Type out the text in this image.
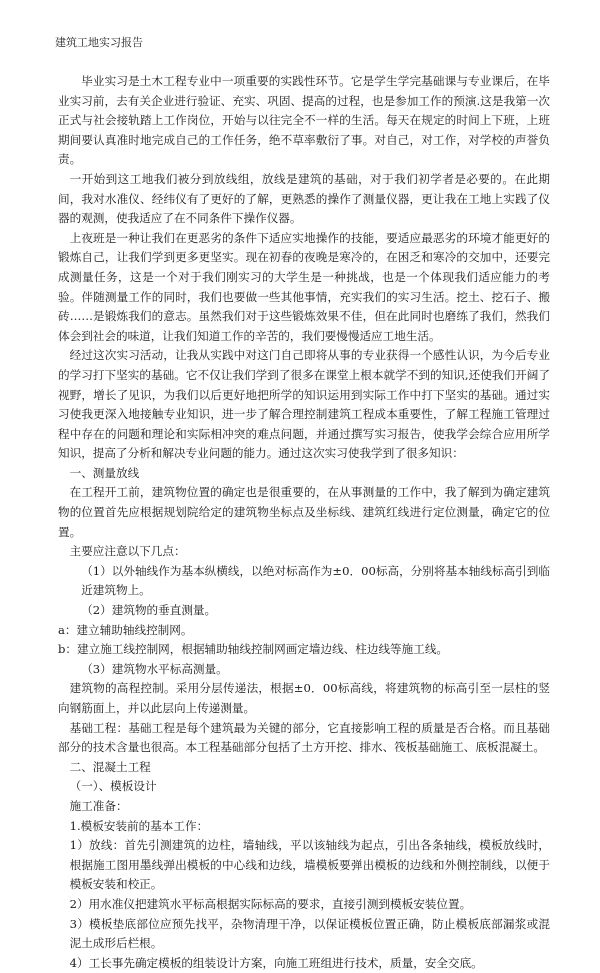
建筑工地实习报告

毕业实习是土木工程专业中一项重要的实践性环节。它是学生学完基础课与专业课后，在毕业实习前，去有关企业进行验证、充实、巩固、提高的过程，也是参加工作的预演.这是我第一次正式与社会接轨踏上工作岗位，开始与以往完全不一样的生活。每天在规定的时间上下班，上班期间要认真准时地完成自己的工作任务，绝不草率敷衍了事。对自己，对工作，对学校的声誉负责。

一开始到这工地我们被分到放线组，放线是建筑的基础，对于我们初学者是必要的。在此期间，我对水准仪、经纬仪有了更好的了解，更熟悉的操作了测量仪器，更让我在工地上实践了仪器的观测，使我适应了在不同条件下操作仪器。

上夜班是一种让我们在更恶劣的条件下适应实地操作的技能，要适应最恶劣的环境才能更好的锻炼自己，让我们学到更多更坚实。现在初春的夜晚是寒冷的，在困乏和寒冷的交加中，还要完成测量任务，这是一个对于我们刚实习的大学生是一种挑战，也是一个体现我们适应能力的考验。伴随测量工作的同时，我们也要做一些其他事情，充实我们的实习生活。挖土、挖石子、搬砖……是锻炼我们的意志。虽然我们对于这些锻炼效果不佳，但在此同时也磨练了我们，然我们体会到社会的味道，让我们知道工作的辛苦的，我们要慢慢适应工地生活。

经过这次实习活动，让我从实践中对这门自己即将从事的专业获得一个感性认识，为今后专业的学习打下坚实的基础。它不仅让我们学到了很多在课堂上根本就学不到的知识,还使我们开阔了视野，增长了见识，为我们以后更好地把所学的知识运用到实际工作中打下坚实的基础。通过实习使我更深入地接触专业知识，进一步了解合理控制建筑工程成本重要性，了解工程施工管理过程中存在的问题和理论和实际相冲突的难点问题，并通过撰写实习报告，使我学会综合应用所学知识，提高了分析和解决专业问题的能力。通过这次实习使我学到了很多知识：

一、测量放线

在工程开工前，建筑物位置的确定也是很重要的，在从事测量的工作中，我了解到为确定建筑物的位置首先应根据规划院给定的建筑物坐标点及坐标线、建筑红线进行定位测量，确定它的位置。

主要应注意以下几点：

（1）以外轴线作为基本纵横线，以绝对标高作为±0．00标高，分别将基本轴线标高引到临近建筑物上。

（2）建筑物的垂直测量。

a：建立辅助轴线控制网。

b：建立施工线控制网，根据辅助轴线控制网画定墙边线、柱边线等施工线。

（3）建筑物水平标高测量。

建筑物的高程控制。采用分层传递法，根据±0．00标高线，将建筑物的标高引至一层柱的竖向钢筋面上，并以此层向上传递测量。

基础工程：基础工程是每个建筑最为关键的部分，它直接影响工程的质量是否合格。而且基础部分的技术含量也很高。本工程基础部分包括了土方开挖、排水、筏板基础施工、底板混凝土。

二、混凝土工程

（一）、模板设计

施工准备：

1.模板安装前的基本工作：

1）放线：首先引测建筑的边柱，墙轴线，平以该轴线为起点，引出各条轴线，模板放线时，根据施工图用墨线弹出模板的中心线和边线，墙模板要弹出模板的边线和外侧控制线，以便于模板安装和校正。

2）用水准仪把建筑水平标高根据实际标高的要求，直接引测到模板安装位置。

3）模板垫底部位应预先找平，杂物清理干净，以保证模板位置正确，防止模板底部漏浆或混泥土成形后栏根。

4）工长事先确定模板的组装设计方案，向施工班组进行技术，质量，安全交底。
